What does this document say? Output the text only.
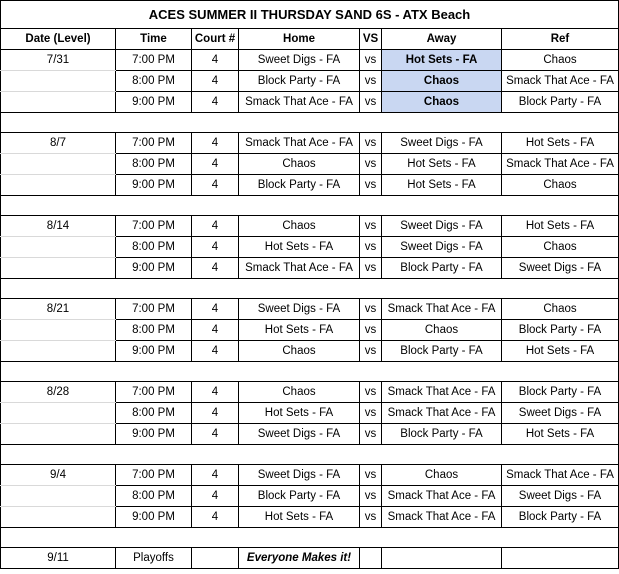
ACES SUMMER II THURSDAY SAND 6S - ATX Beach						
Date (Level)	Time	Court #	Home	VS	Away	Ref
7/31	7:00 PM	4	Sweet Digs - FA	vs	Hot Sets - FA	Chaos
	8:00 PM	4	Block Party - FA	vs	Chaos	Smack That Ace - FA
	9:00 PM	4	Smack That Ace - FA	vs	Chaos	Block Party - FA

8/7	7:00 PM	4	Smack That Ace - FA	vs	Sweet Digs - FA	Hot Sets - FA
	8:00 PM	4	Chaos	vs	Hot Sets - FA	Smack That Ace - FA
	9:00 PM	4	Block Party - FA	vs	Hot Sets - FA	Chaos

8/14	7:00 PM	4	Chaos	vs	Sweet Digs - FA	Hot Sets - FA
	8:00 PM	4	Hot Sets - FA	vs	Sweet Digs - FA	Chaos
	9:00 PM	4	Smack That Ace - FA	vs	Block Party - FA	Sweet Digs - FA

8/21	7:00 PM	4	Sweet Digs - FA	vs	Smack That Ace - FA	Chaos
	8:00 PM	4	Hot Sets - FA	vs	Chaos	Block Party - FA
	9:00 PM	4	Chaos	vs	Block Party - FA	Hot Sets - FA

8/28	7:00 PM	4	Chaos	vs	Smack That Ace - FA	Block Party - FA
	8:00 PM	4	Hot Sets - FA	vs	Smack That Ace - FA	Sweet Digs - FA
	9:00 PM	4	Sweet Digs - FA	vs	Block Party - FA	Hot Sets - FA

9/4	7:00 PM	4	Sweet Digs - FA	vs	Chaos	Smack That Ace - FA
	8:00 PM	4	Block Party - FA	vs	Smack That Ace - FA	Sweet Digs - FA
	9:00 PM	4	Hot Sets - FA	vs	Smack That Ace - FA	Block Party - FA

9/11	Playoffs		Everyone Makes it!			
